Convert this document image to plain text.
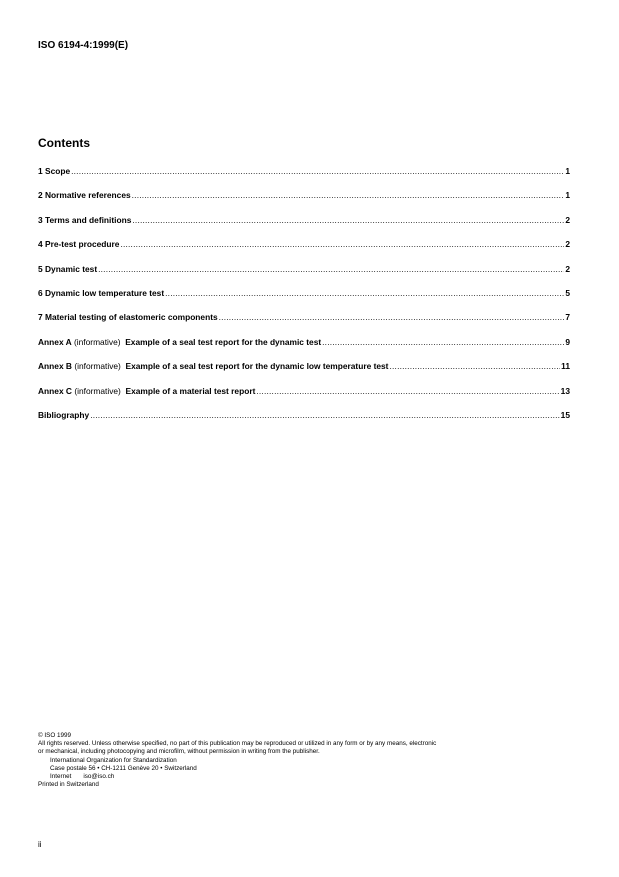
ISO 6194-4:1999(E)
Contents
1 Scope .....	1
2 Normative references .....	1
3 Terms and definitions .....	2
4 Pre-test procedure .....	2
5 Dynamic test .....	2
6 Dynamic low temperature test .....	5
7 Material testing of elastomeric components .....	7
Annex A (informative) Example of a seal test report for the dynamic test .....	9
Annex B (informative) Example of a seal test report for the dynamic low temperature test .....	11
Annex C (informative) Example of a material test report .....	13
Bibliography .....	15
© ISO 1999
All rights reserved. Unless otherwise specified, no part of this publication may be reproduced or utilized in any form or by any means, electronic
or mechanical, including photocopying and microfilm, without permission in writing from the publisher.
International Organization for Standardization
Case postale 56 • CH-1211 Genève 20 • Switzerland
Internet iso@iso.ch
Printed in Switzerland
ii
